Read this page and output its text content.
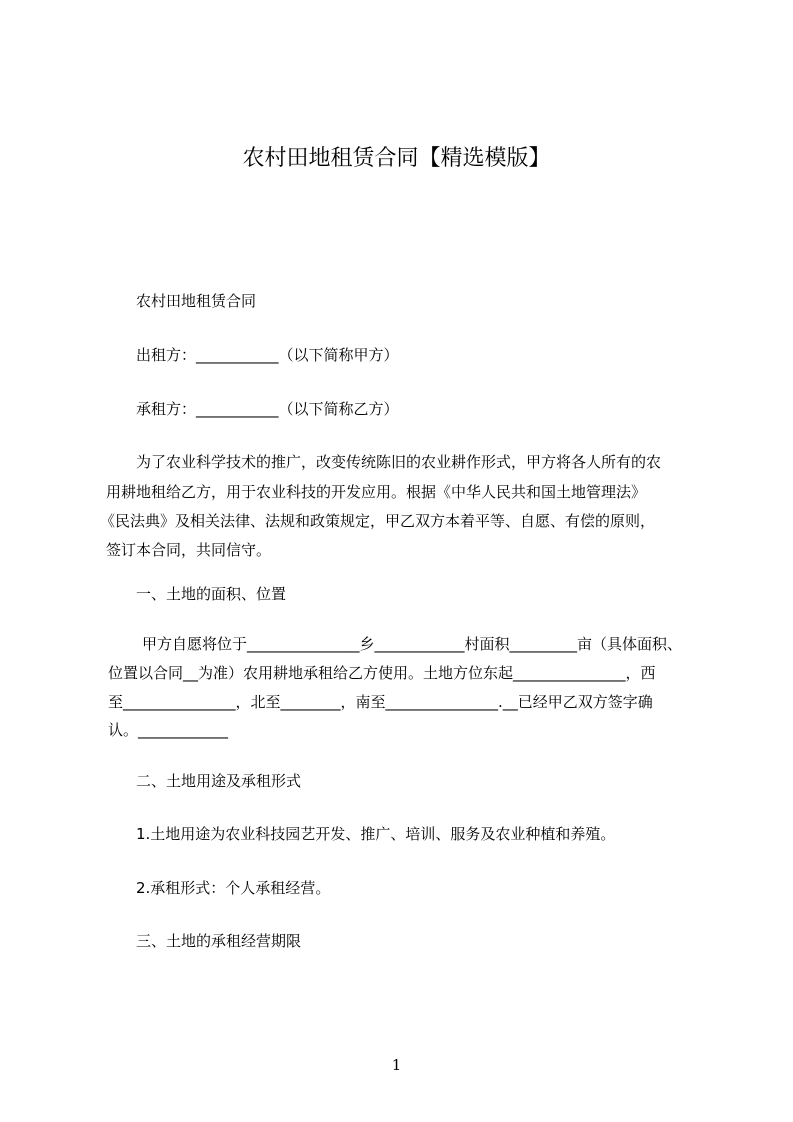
农村田地租赁合同【精选模版】
农村田地租赁合同
出租方：___________（以下简称甲方）
承租方：___________（以下简称乙方）
为了农业科学技术的推广，改变传统陈旧的农业耕作形式，甲方将各人所有的农
用耕地租给乙方，用于农业科技的开发应用。根据《中华人民共和国土地管理法》
《民法典》及相关法律、法规和政策规定，甲乙双方本着平等、自愿、有偿的原则，
签订本合同，共同信守。
一、土地的面积、位置
甲方自愿将位于_______________乡____________村面积_________亩（具体面积、
位置以合同__为准）农用耕地承租给乙方使用。土地方位东起_______________，西
至_______________，北至________，南至_______________.__已经甲乙双方签字确
认。____________
二、土地用途及承租形式
1.土地用途为农业科技园艺开发、推广、培训、服务及农业种植和养殖。
2.承租形式：个人承租经营。
三、土地的承租经营期限
1
